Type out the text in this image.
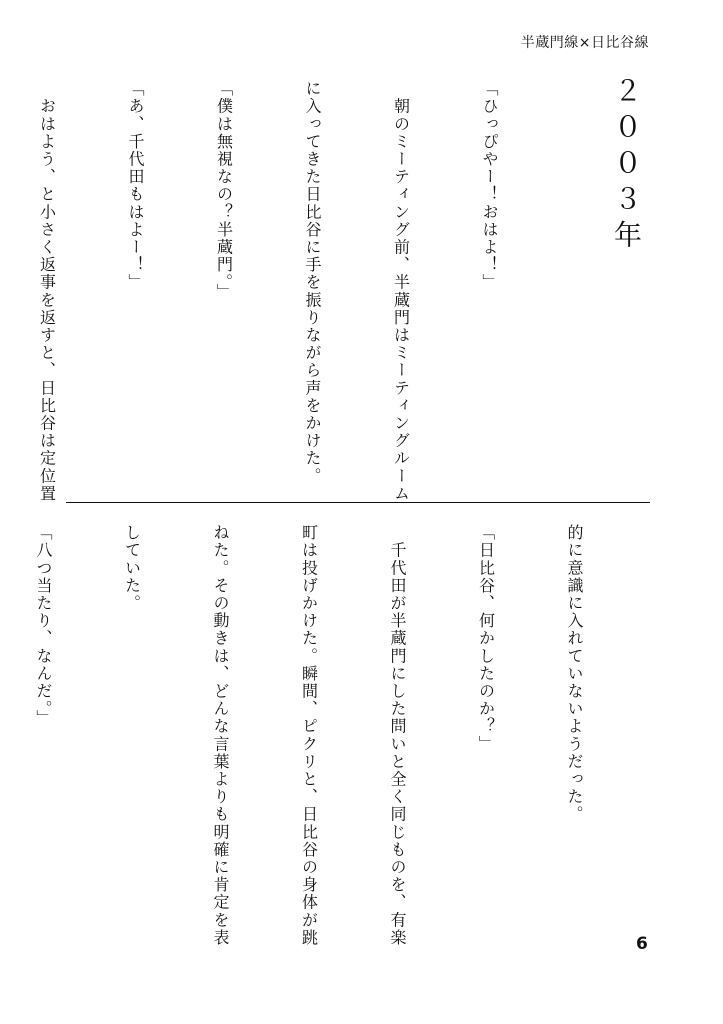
半蔵門線×日比谷線
２００３年

「ひっぴやー！おはよ！」

　朝のミーティング前、半蔵門はミーティングルーム

に入ってきた日比谷に手を振りながら声をかけた。

「僕は無視なの？半蔵門。」

「あ、千代田もはよー！」

　おはよう、と小さく返事を返すと、日比谷は定位置

的に意識に入れていないようだった。

「日比谷、何かしたのか？」

　千代田が半蔵門にした問いと全く同じものを、有楽

町は投げかけた。瞬間、ピクリと、日比谷の身体が跳

ねた。その動きは、どんな言葉よりも明確に肯定を表

していた。

「八つ当たり、なんだ。」

6
